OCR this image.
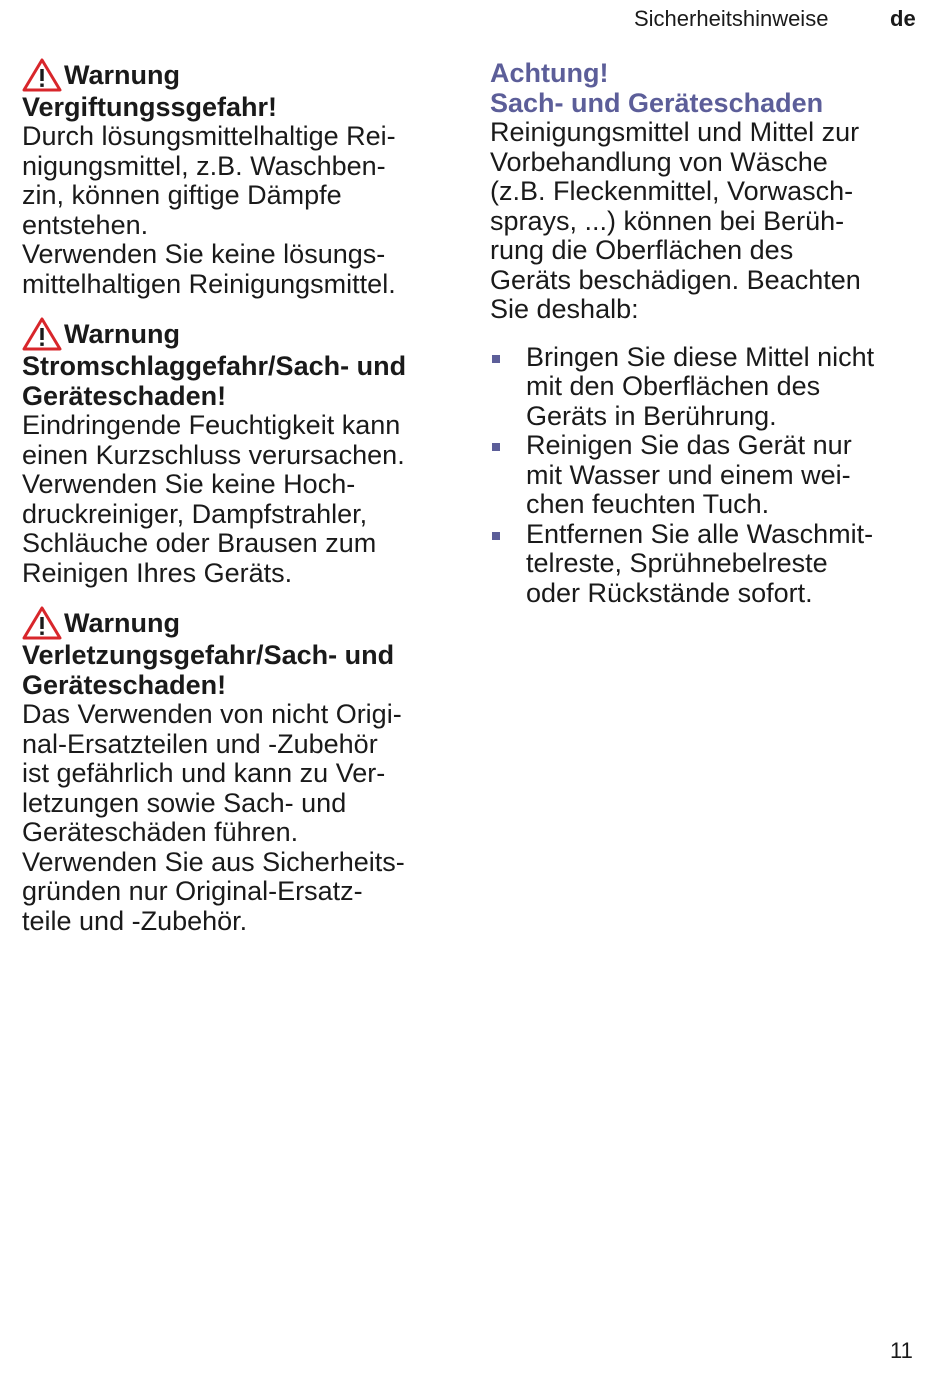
Sicherheitshinweise	de
Warnung
Vergiftungssgefahr!
Durch lösungsmittelhaltige Rei-
nigungsmittel, z.B. Waschben-
zin, können giftige Dämpfe
entstehen.
Verwenden Sie keine lösungs-
mittelhaltigen Reinigungsmittel.
Warnung
Stromschlaggefahr/Sach- und
Geräteschaden!
Eindringende Feuchtigkeit kann
einen Kurzschluss verursachen.
Verwenden Sie keine Hoch-
druckreiniger, Dampfstrahler,
Schläuche oder Brausen zum
Reinigen Ihres Geräts.
Warnung
Verletzungsgefahr/Sach- und
Geräteschaden!
Das Verwenden von nicht Origi-
nal-Ersatzteilen und -Zubehör
ist gefährlich und kann zu Ver-
letzungen sowie Sach- und
Geräteschäden führen.
Verwenden Sie aus Sicherheits-
gründen nur Original-Ersatz-
teile und -Zubehör.
Achtung!
Sach- und Geräteschaden
Reinigungsmittel und Mittel zur
Vorbehandlung von Wäsche
(z.B. Fleckenmittel, Vorwasch-
sprays, ...) können bei Berüh-
rung die Oberflächen des
Geräts beschädigen. Beachten
Sie deshalb:
Bringen Sie diese Mittel nicht
mit den Oberflächen des
Geräts in Berührung.
Reinigen Sie das Gerät nur
mit Wasser und einem wei-
chen feuchten Tuch.
Entfernen Sie alle Waschmit-
telreste, Sprühnebelreste
oder Rückstände sofort.
11
